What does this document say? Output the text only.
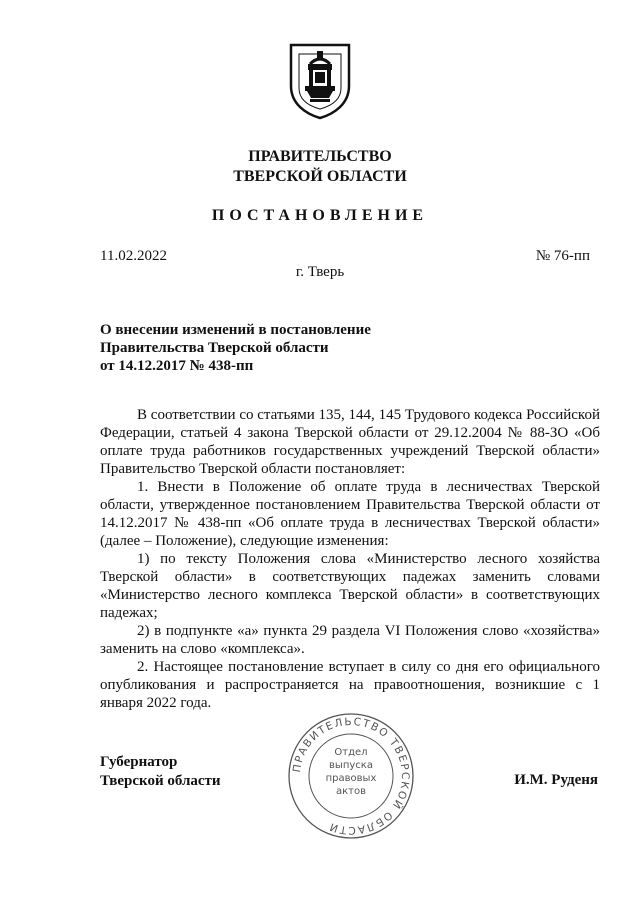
ПРАВИТЕЛЬСТВО
ТВЕРСКОЙ ОБЛАСТИ
ПОСТАНОВЛЕНИЕ
11.02.2022	№ 76-пп
г. Тверь
О внесении изменений в постановление
Правительства Тверской области
от 14.12.2017 № 438-пп

В соответствии со статьями 135, 144, 145 Трудового кодекса Российской Федерации, статьей 4 закона Тверской области от 29.12.2004 № 88-ЗО «Об оплате труда работников государственных учреждений Тверской области» Правительство Тверской области постановляет:

1. Внести в Положение об оплате труда в лесничествах Тверской области, утвержденное постановлением Правительства Тверской области от 14.12.2017 № 438-пп «Об оплате труда в лесничествах Тверской области» (далее – Положение), следующие изменения:

1) по тексту Положения слова «Министерство лесного хозяйства Тверской области» в соответствующих падежах заменить словами «Министерство лесного комплекса Тверской области» в соответствующих падежах;

2) в подпункте «а» пункта 29 раздела VI Положения слово «хозяйства» заменить на слово «комплекса».

2. Настоящее постановление вступает в силу со дня его официального опубликования и распространяется на правоотношения, возникшие с 1 января 2022 года.

Губернатор
Тверской области	И.М. Руденя
ПРАВИТЕЛЬСТВО ТВЕРСКОЙ ОБЛАСТИ
Отдел
выпуска
правовых
актов
